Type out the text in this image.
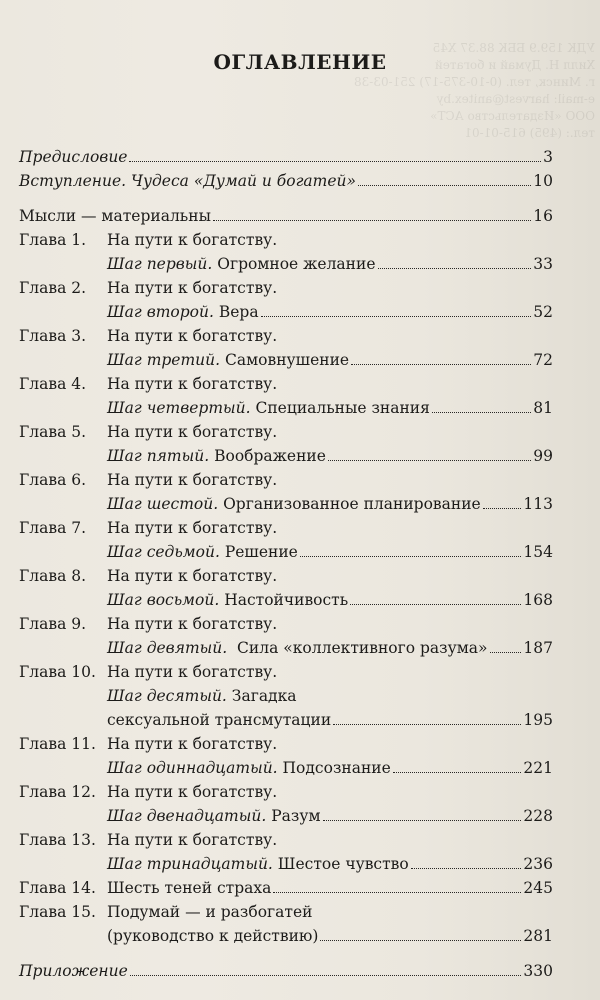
УДК 159.9 ББК 88.37 Х45
Хилл Н. Думай и богатей
г. Минск, тел. (0-10-375-17) 251-03-38
e-mail: harvest@anitex.by
ООО «Издательство АСТ»
тел.: (495) 615-01-01
ОГЛАВЛЕНИЕ
Предисловие	3
Вступление. Чудеса «Думай и богатей»	10
Мысли — материальны	16
Глава 1.	На пути к богатству.
Шаг первый. Огромное желание	33
Глава 2.	На пути к богатству.
Шаг второй. Вера	52
Глава 3.	На пути к богатству.
Шаг третий. Самовнушение	72
Глава 4.	На пути к богатству.
Шаг четвертый. Специальные знания	81
Глава 5.	На пути к богатству.
Шаг пятый. Воображение	99
Глава 6.	На пути к богатству.
Шаг шестой. Организованное планирование	113
Глава 7.	На пути к богатству.
Шаг седьмой. Решение	154
Глава 8.	На пути к богатству.
Шаг восьмой. Настойчивость	168
Глава 9.	На пути к богатству.
Шаг девятый. Сила «коллективного разума» 187
Глава 10. На пути к богатству.
Шаг десятый. Загадка
сексуальной трансмутации	195
Глава 11. На пути к богатству.
Шаг одиннадцатый. Подсознание	221
Глава 12. На пути к богатству.
Шаг двенадцатый. Разум	228
Глава 13. На пути к богатству.
Шаг тринадцатый. Шестое чувство	236
Глава 14. Шесть теней страха	245
Глава 15. Подумай — и разбогатей
(руководство к действию)	281
Приложение	330
